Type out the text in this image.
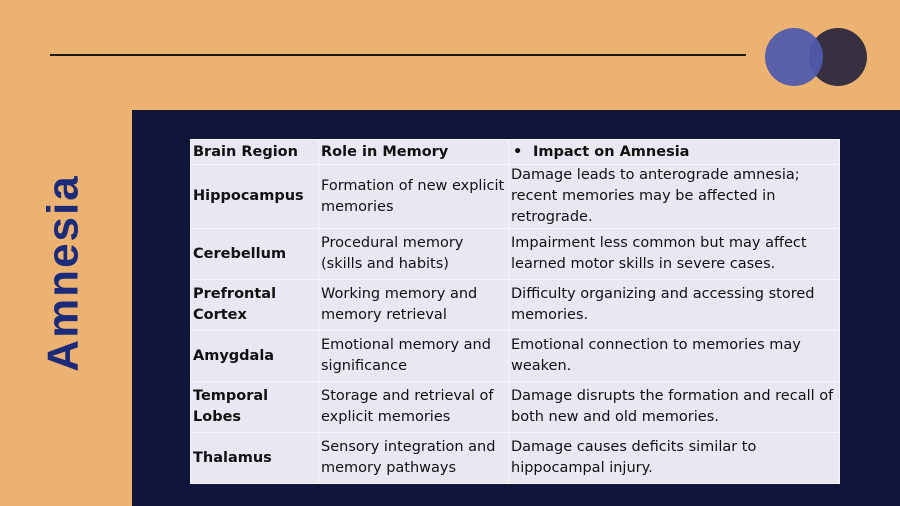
Amnesia
Brain Region	Role in Memory	• Impact on Amnesia
Hippocampus	Formation of new explicit memories	Damage leads to anterograde amnesia; recent memories may be affected in retrograde.
Cerebellum	Procedural memory (skills and habits)	Impairment less common but may affect learned motor skills in severe cases.
Prefrontal Cortex	Working memory and memory retrieval	Difficulty organizing and accessing stored memories.
Amygdala	Emotional memory and significance	Emotional connection to memories may weaken.
Temporal Lobes	Storage and retrieval of explicit memories	Damage disrupts the formation and recall of both new and old memories.
Thalamus	Sensory integration and memory pathways	Damage causes deficits similar to hippocampal injury.
